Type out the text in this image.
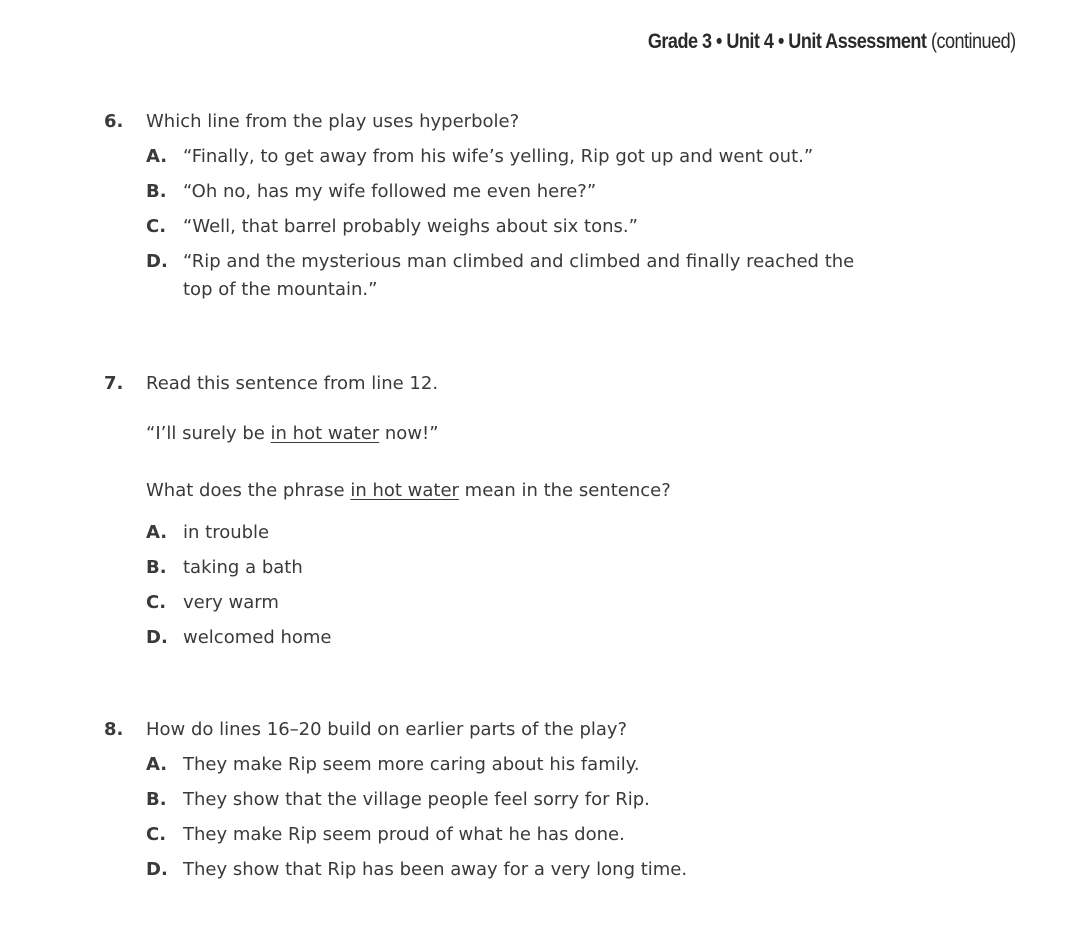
Grade 3 • Unit 4 • Unit Assessment (continued)
6. Which line from the play uses hyperbole?
A. “Finally, to get away from his wife’s yelling, Rip got up and went out.”
B. “Oh no, has my wife followed me even here?”
C. “Well, that barrel probably weighs about six tons.”
D. “Rip and the mysterious man climbed and climbed and finally reached the top of the mountain.”
7. Read this sentence from line 12.
“I’ll surely be in hot water now!”
What does the phrase in hot water mean in the sentence?
A. in trouble
B. taking a bath
C. very warm
D. welcomed home
8. How do lines 16–20 build on earlier parts of the play?
A. They make Rip seem more caring about his family.
B. They show that the village people feel sorry for Rip.
C. They make Rip seem proud of what he has done.
D. They show that Rip has been away for a very long time.
